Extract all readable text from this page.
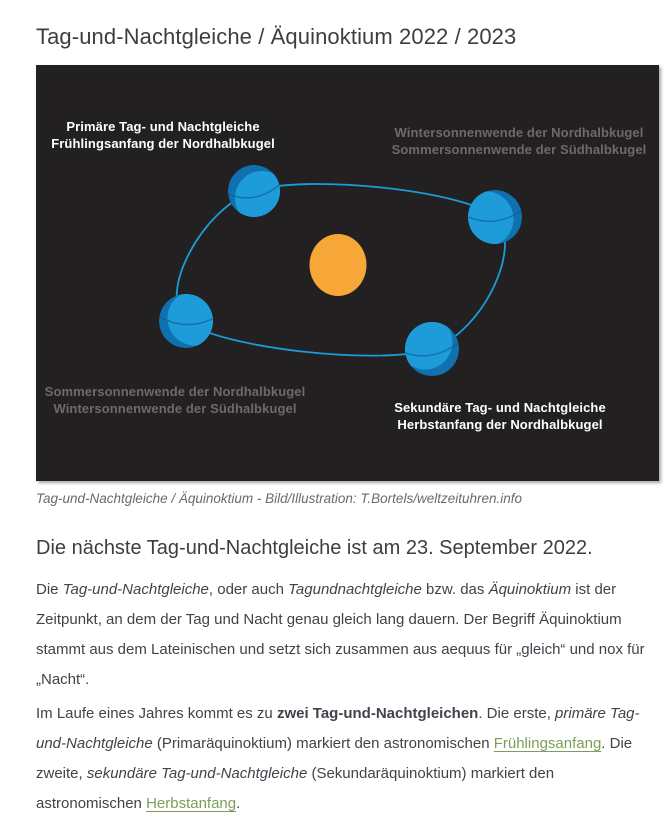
Tag-und-Nachtgleiche / Äquinoktium 2022 / 2023
Primäre Tag- und Nachtgleiche
Frühlingsanfang der Nordhalbkugel
Wintersonnenwende der Nordhalbkugel
Sommersonnenwende der Südhalbkugel
Sommersonnenwende der Nordhalbkugel
Wintersonnenwende der Südhalbkugel	Sekundäre Tag- und Nachtgleiche
Herbstanfang der Nordhalbkugel
Tag-und-Nachtgleiche / Äquinoktium - Bild/Illustration: T.Bortels/weltzeituhren.info
Die nächste Tag-und-Nachtgleiche ist am 23. September 2022.

Die Tag-und-Nachtgleiche, oder auch Tagundnachtgleiche bzw. das Äquinoktium ist der Zeitpunkt, an dem der Tag und Nacht genau gleich lang dauern. Der Begriff Äquinoktium stammt aus dem Lateinischen und setzt sich zusammen aus aequus für „gleich“ und nox für „Nacht“.

Im Laufe eines Jahres kommt es zu zwei Tag-und-Nachtgleichen. Die erste, primäre Tag-und-Nachtgleiche (Primaräquinoktium) markiert den astronomischen Frühlingsanfang. Die zweite, sekundäre Tag-und-Nachtgleiche (Sekundaräquinoktium) markiert den astronomischen Herbstanfang.
